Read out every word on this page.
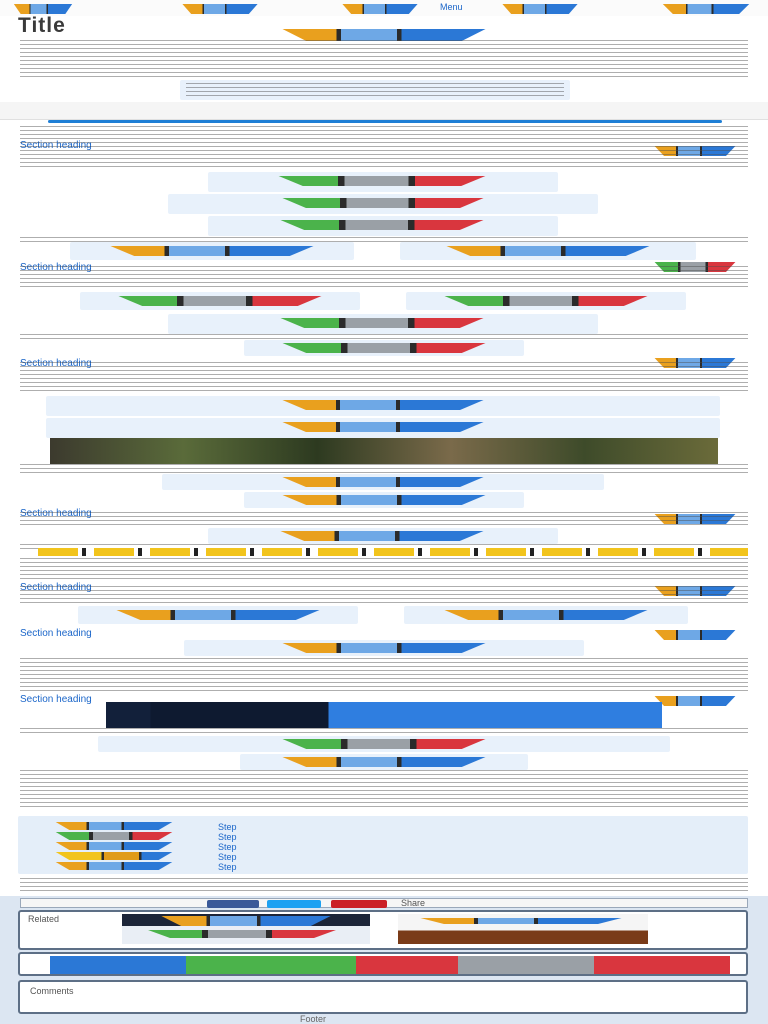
Menu
Title
Section heading
Section heading
Section heading
Section heading
Section heading
Section heading
Section heading
Step
Step
Step
Step
Step
Share
Related
Comments
Footer
